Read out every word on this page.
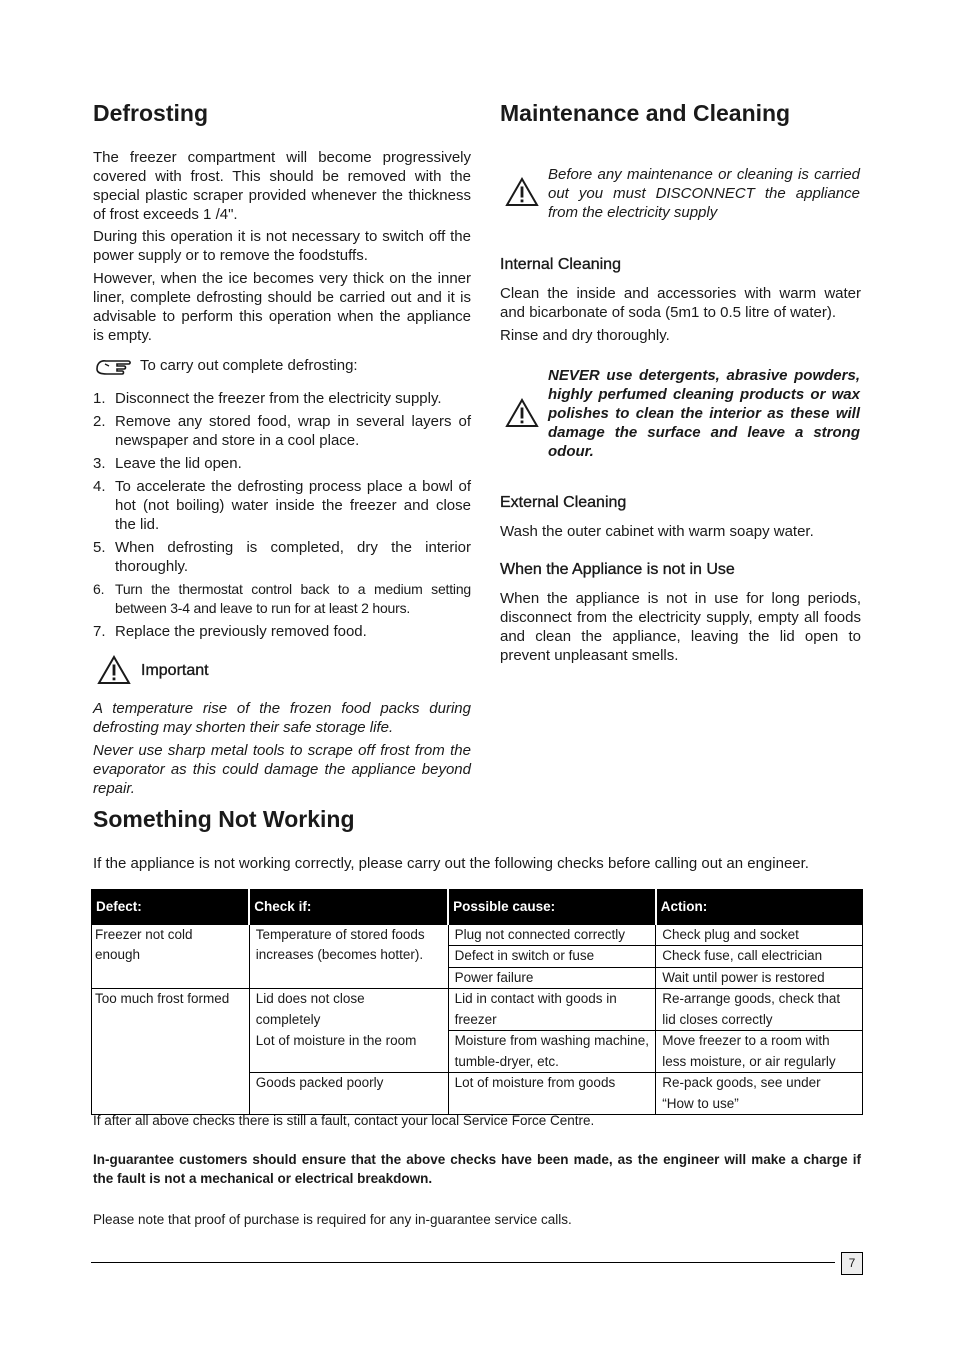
Defrosting

The freezer compartment will become progressively covered with frost. This should be removed with the special plastic scraper provided whenever the thickness of frost exceeds 1 /4".

During this operation it is not necessary to switch off the power supply or to remove the foodstuffs.

However, when the ice becomes very thick on the inner liner, complete defrosting should be carried out and it is advisable to perform this operation when the appliance is empty.

To carry out complete defrosting:
1. Disconnect the freezer from the electricity supply.
2. Remove any stored food, wrap in several layers of newspaper and store in a cool place.
3. Leave the lid open.
4. To accelerate the defrosting process place a bowl of hot (not boiling) water inside the freezer and close the lid.
5. When defrosting is completed, dry the interior thoroughly.
6. Turn the thermostat control back to a medium setting between 3-4 and leave to run for at least 2 hours.
7. Replace the previously removed food.
Important

A temperature rise of the frozen food packs during defrosting may shorten their safe storage life.

Never use sharp metal tools to scrape off frost from the evaporator as this could damage the appliance beyond repair.

Maintenance and Cleaning

Before any maintenance or cleaning is carried out you must DISCONNECT the appliance from the electricity supply

Internal Cleaning

Clean the inside and accessories with warm water and bicarbonate of soda (5m1 to 0.5 litre of water).

Rinse and dry thoroughly.

NEVER use detergents, abrasive powders, highly perfumed cleaning products or wax polishes to clean the interior as these will damage the surface and leave a strong odour.

External Cleaning

Wash the outer cabinet with warm soapy water.

When the Appliance is not in Use

When the appliance is not in use for long periods, disconnect from the electricity supply, empty all foods and clean the appliance, leaving the lid open to prevent unpleasant smells.

Something Not Working
If the appliance is not working correctly, please carry out the following checks before calling out an engineer.
Defect:	Check if:	Possible cause:	Action:
Freezer not cold enough	Temperature of stored foods increases (becomes hotter).	Plug not connected correctly	Check plug and socket
		Defect in switch or fuse	Check fuse, call electrician
		Power failure	Wait until power is restored
Too much frost formed	Lid does not close completely	Lid in contact with goods in freezer	Re-arrange goods, check that lid closes correctly
	Lot of moisture in the room	Moisture from washing machine, tumble-dryer, etc.	Move freezer to a room with less moisture, or air regularly
	Goods packed poorly	Lot of moisture from goods	Re-pack goods, see under “How to use”
If after all above checks there is still a fault, contact your local Service Force Centre.
In-guarantee customers should ensure that the above checks have been made, as the engineer will make a charge if the fault is not a mechanical or electrical breakdown.
Please note that proof of purchase is required for any in-guarantee service calls.
7
